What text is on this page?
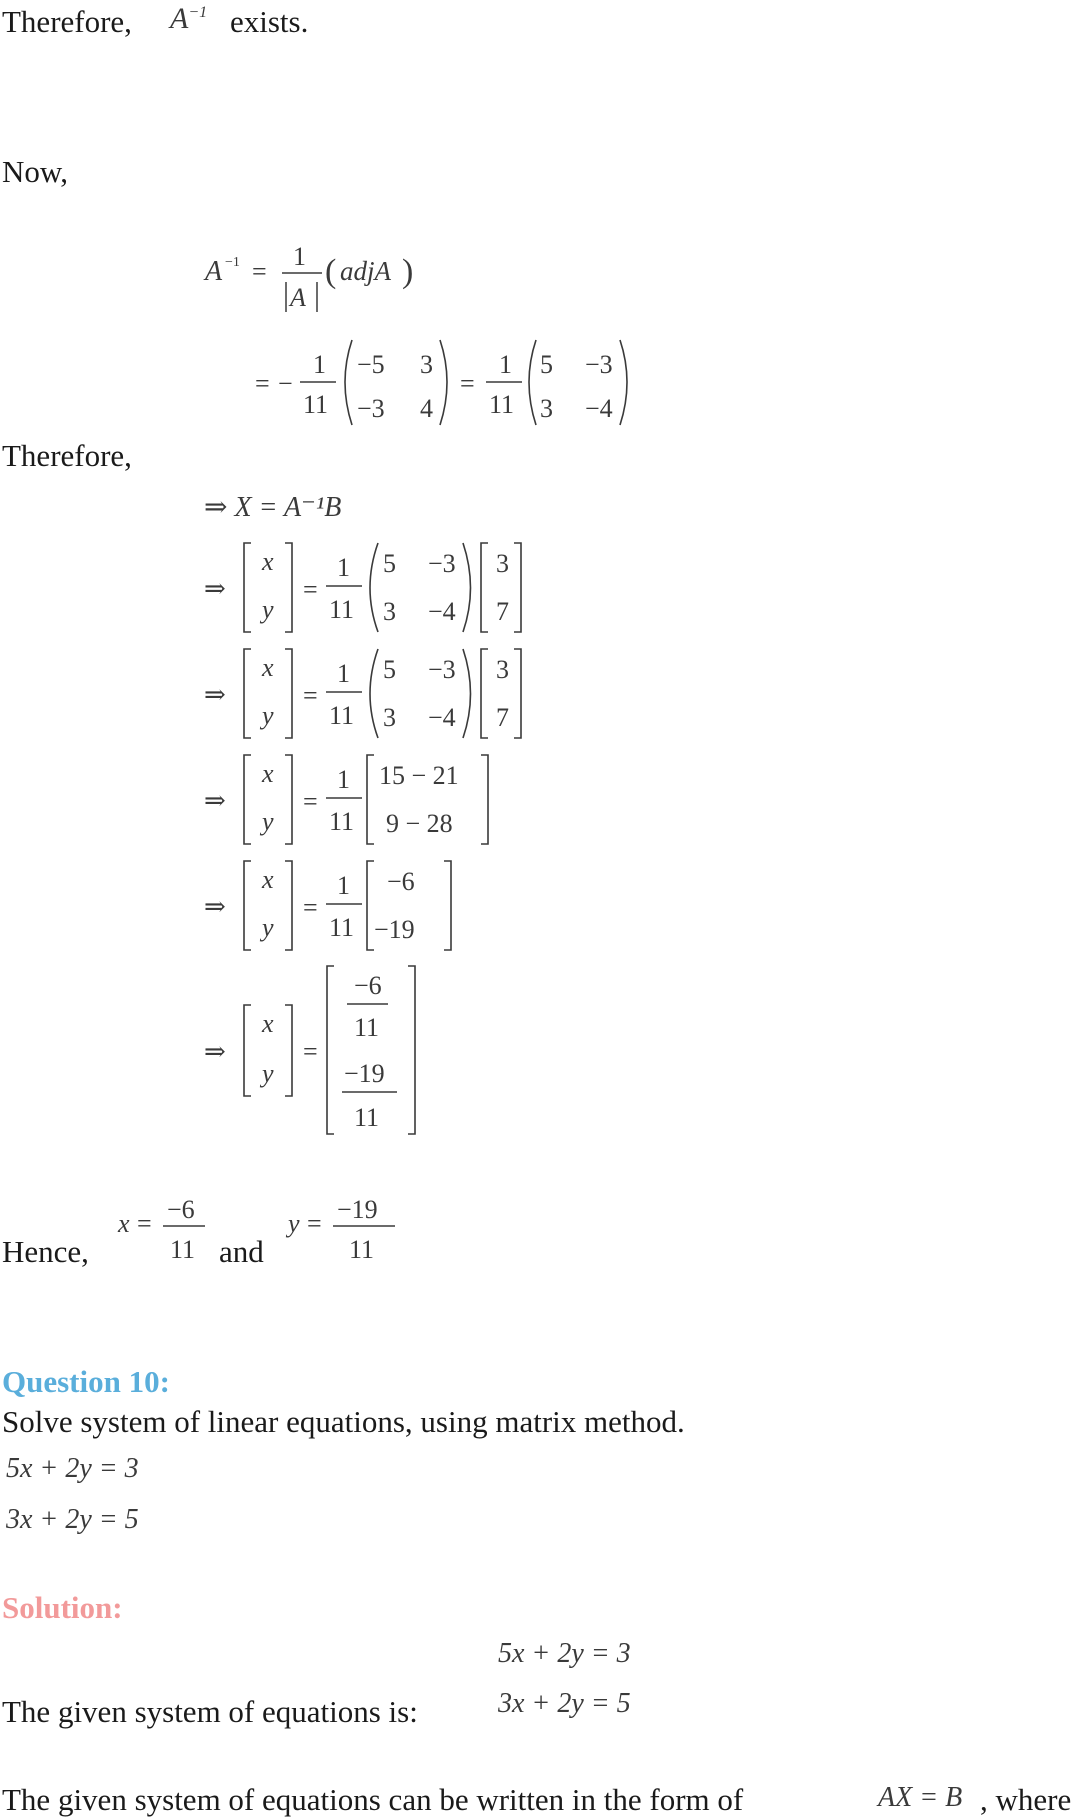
Therefore, $A^{-1}$ exists.
Now,
A −1 =
1
A
( adjA )
= −
1
11
−5 3
−3 4
=
1
11
5 −3
3 −4
Therefore,
⇒ X = A⁻¹B
⇒
x
y
=
1
11
5 −3
3 −4
3
7
⇒
x
y
=
1
11
5 −3
3 −4
3
7
⇒
x
y
=
1
11
15 − 21
9 − 28
⇒
x
y
=
1
11
−6
−19
⇒
x
y
=
−6
11
−19
11
Hence,
x = −6
11 and
y = −19
11
Question 10:
Solve system of linear equations, using matrix method.
5x + 2y = 3
3x + 2y = 5
Solution:
5x + 2y = 3
The given system of equations is:	3x + 2y = 5
The given system of equations can be written in the form of	AX = B , where
